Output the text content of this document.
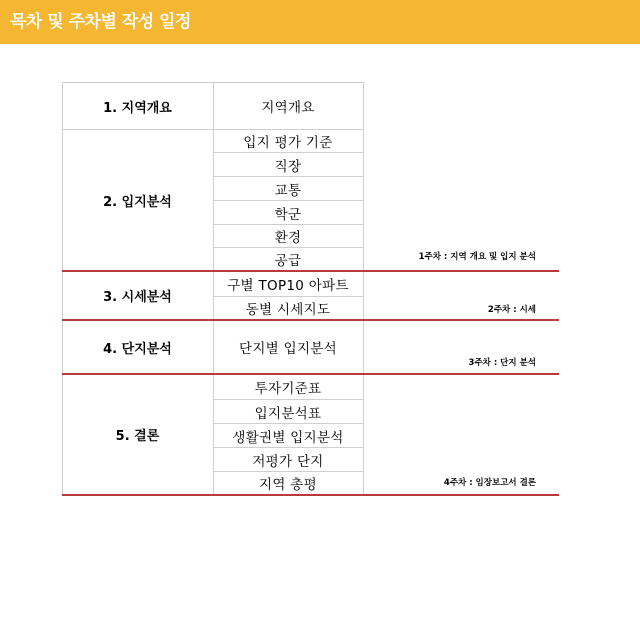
목차 및 주차별 작성 일정
1. 지역개요
2. 입지분석
3. 시세분석
4. 단지분석
5. 결론
지역개요
입지 평가 기준
직장
교통
학군
환경
공급
구별 TOP10 아파트
동별 시세지도
단지별 입지분석
투자기준표
입지분석표
생활권별 입지분석
저평가 단지
지역 총평
1주차 : 지역 개요 및 입지 분석
2주차 : 시세
3주차 : 단지 분석
4주차 : 임장보고서 결론
